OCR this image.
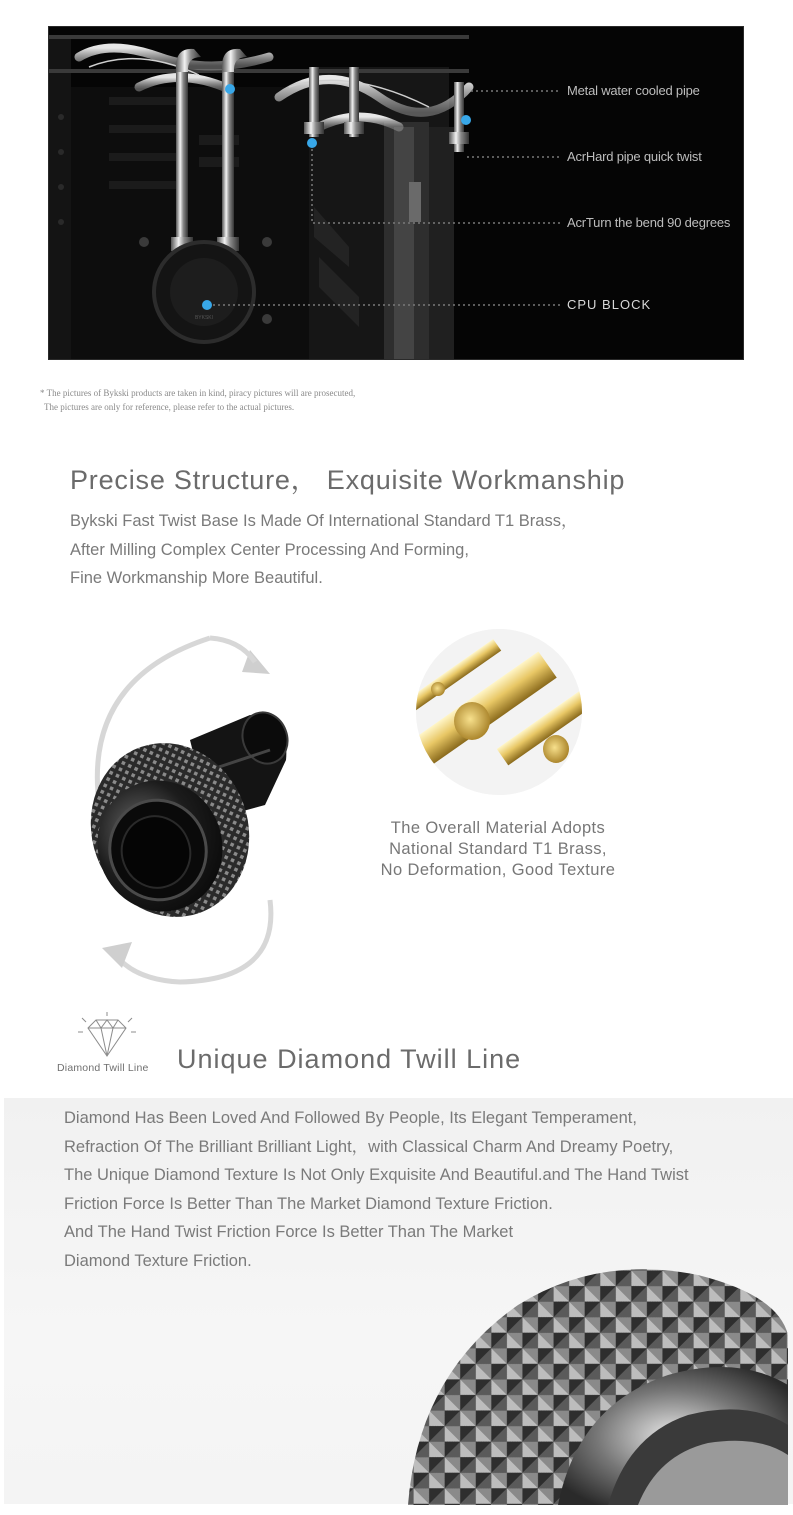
BYKSKI
Metal water cooled pipe
AcrHard pipe quick twist
AcrTurn the bend 90 degrees
CPU BLOCK
* The pictures of Bykski products are taken in kind, piracy pictures will are prosecuted,
The pictures are only for reference, please refer to the actual pictures.
Precise Structure， Exquisite Workmanship
Bykski Fast Twist Base Is Made Of International Standard T1 Brass，
After Milling Complex Center Processing And Forming,
Fine Workmanship More Beautiful.
The Overall Material Adopts
National Standard T1 Brass,
No Deformation, Good Texture
Diamond Twill Line Unique Diamond Twill Line
Diamond Has Been Loved And Followed By People, Its Elegant Temperament,
Refraction Of The Brilliant Brilliant Light，with Classical Charm And Dreamy Poetry,
The Unique Diamond Texture Is Not Only Exquisite And Beautiful.and The Hand Twist
Friction Force Is Better Than The Market Diamond Texture Friction.
And The Hand Twist Friction Force Is Better Than The Market
Diamond Texture Friction.
